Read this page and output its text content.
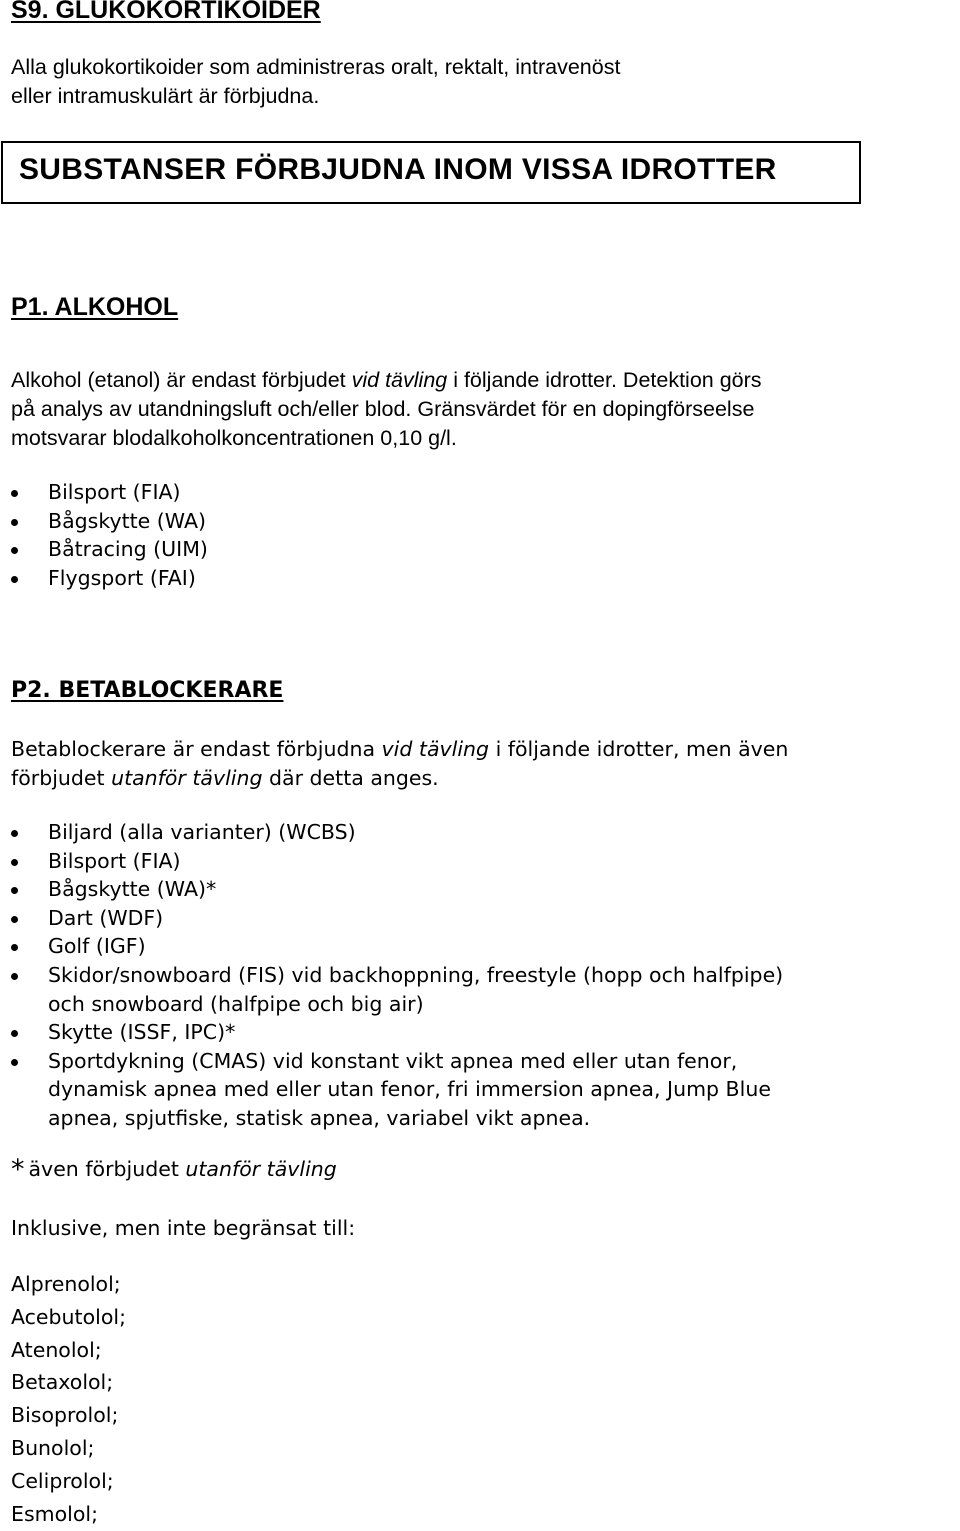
S9. GLUKOKORTIKOIDER
Alla glukokortikoider som administreras oralt, rektalt, intravenöst
eller intramuskulärt är förbjudna.
SUBSTANSER FÖRBJUDNA INOM VISSA IDROTTER
P1. ALKOHOL
Alkohol (etanol) är endast förbjudet vid tävling i följande idrotter. Detektion görs
på analys av utandningsluft och/eller blod. Gränsvärdet för en dopingförseelse
motsvarar blodalkoholkoncentrationen 0,10 g/l.
Bilsport (FIA)
Bågskytte (WA)
Båtracing (UIM)
Flygsport (FAI)
P2. BETABLOCKERARE
Betablockerare är endast förbjudna vid tävling i följande idrotter, men även
förbjudet utanför tävling där detta anges.
Biljard (alla varianter) (WCBS)
Bilsport (FIA)
Bågskytte (WA)*
Dart (WDF)
Golf (IGF)
Skidor/snowboard (FIS) vid backhoppning, freestyle (hopp och halfpipe)
och snowboard (halfpipe och big air)
Skytte (ISSF, IPC)*
Sportdykning (CMAS) vid konstant vikt apnea med eller utan fenor,
dynamisk apnea med eller utan fenor, fri immersion apnea, Jump Blue
apnea, spjutfiske, statisk apnea, variabel vikt apnea.
* även förbjudet utanför tävling
Inklusive, men inte begränsat till:
Alprenolol;
Acebutolol;
Atenolol;
Betaxolol;
Bisoprolol;
Bunolol;
Celiprolol;
Esmolol;
